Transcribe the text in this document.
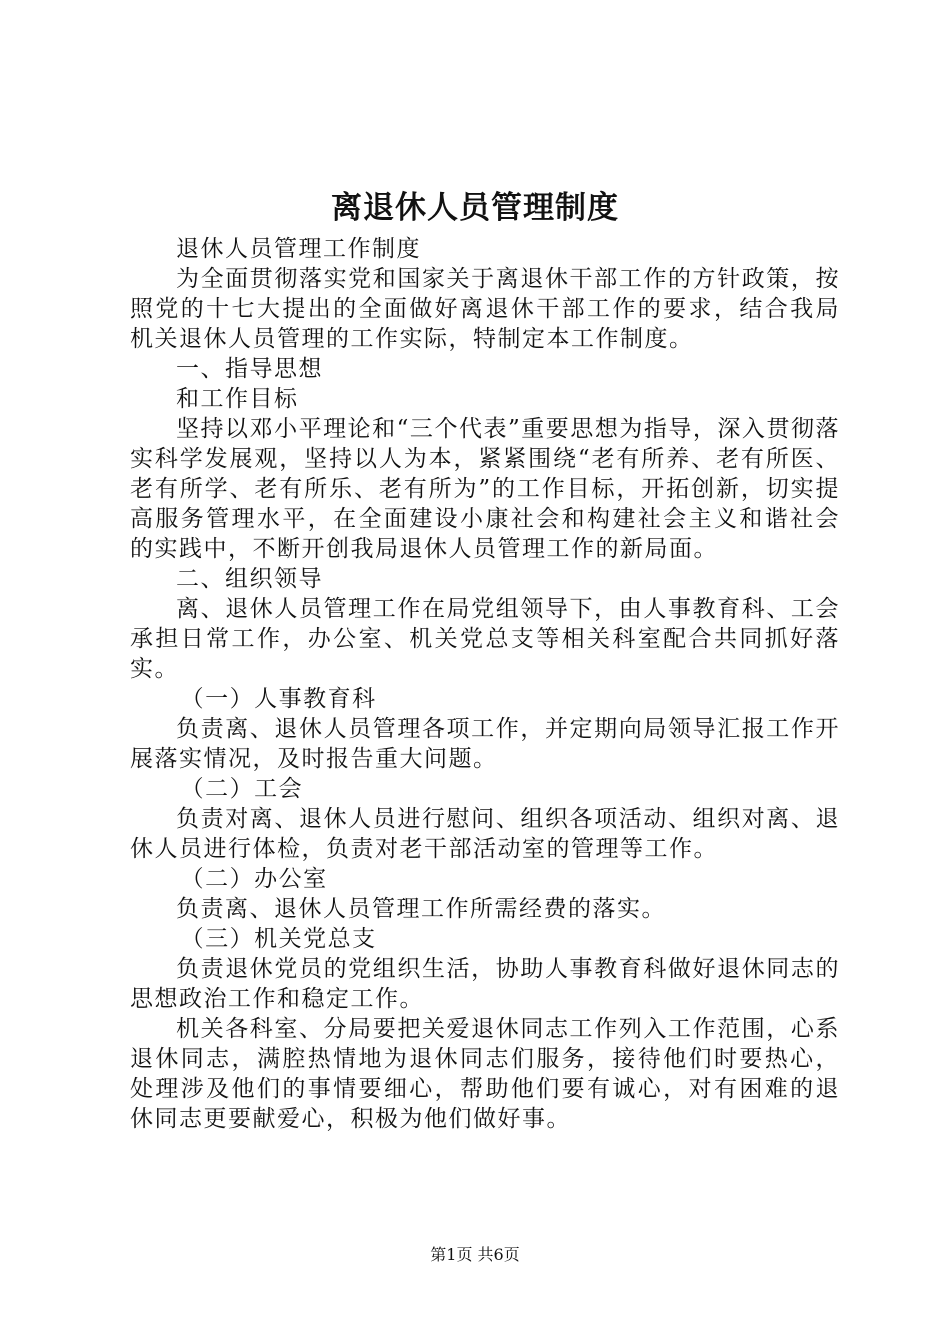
离退休人员管理制度

退休人员管理工作制度

为全面贯彻落实党和国家关于离退休干部工作的方针政策，按照党的十七大提出的全面做好离退休干部工作的要求，结合我局机关退休人员管理的工作实际，特制定本工作制度。

一、指导思想

和工作目标

坚持以邓小平理论和“三个代表”重要思想为指导，深入贯彻落实科学发展观，坚持以人为本，紧紧围绕“老有所养、老有所医、老有所学、老有所乐、老有所为”的工作目标，开拓创新，切实提高服务管理水平，在全面建设小康社会和构建社会主义和谐社会的实践中，不断开创我局退休人员管理工作的新局面。

二、组织领导

离、退休人员管理工作在局党组领导下，由人事教育科、工会承担日常工作，办公室、机关党总支等相关科室配合共同抓好落实。

（一）人事教育科

负责离、退休人员管理各项工作，并定期向局领导汇报工作开展落实情况，及时报告重大问题。

（二）工会

负责对离、退休人员进行慰问、组织各项活动、组织对离、退休人员进行体检，负责对老干部活动室的管理等工作。

（二）办公室

负责离、退休人员管理工作所需经费的落实。

（三）机关党总支

负责退休党员的党组织生活，协助人事教育科做好退休同志的思想政治工作和稳定工作。

机关各科室、分局要把关爱退休同志工作列入工作范围，心系退休同志，满腔热情地为退休同志们服务，接待他们时要热心，处理涉及他们的事情要细心，帮助他们要有诚心，对有困难的退休同志更要献爱心，积极为他们做好事。

第1页 共6页
